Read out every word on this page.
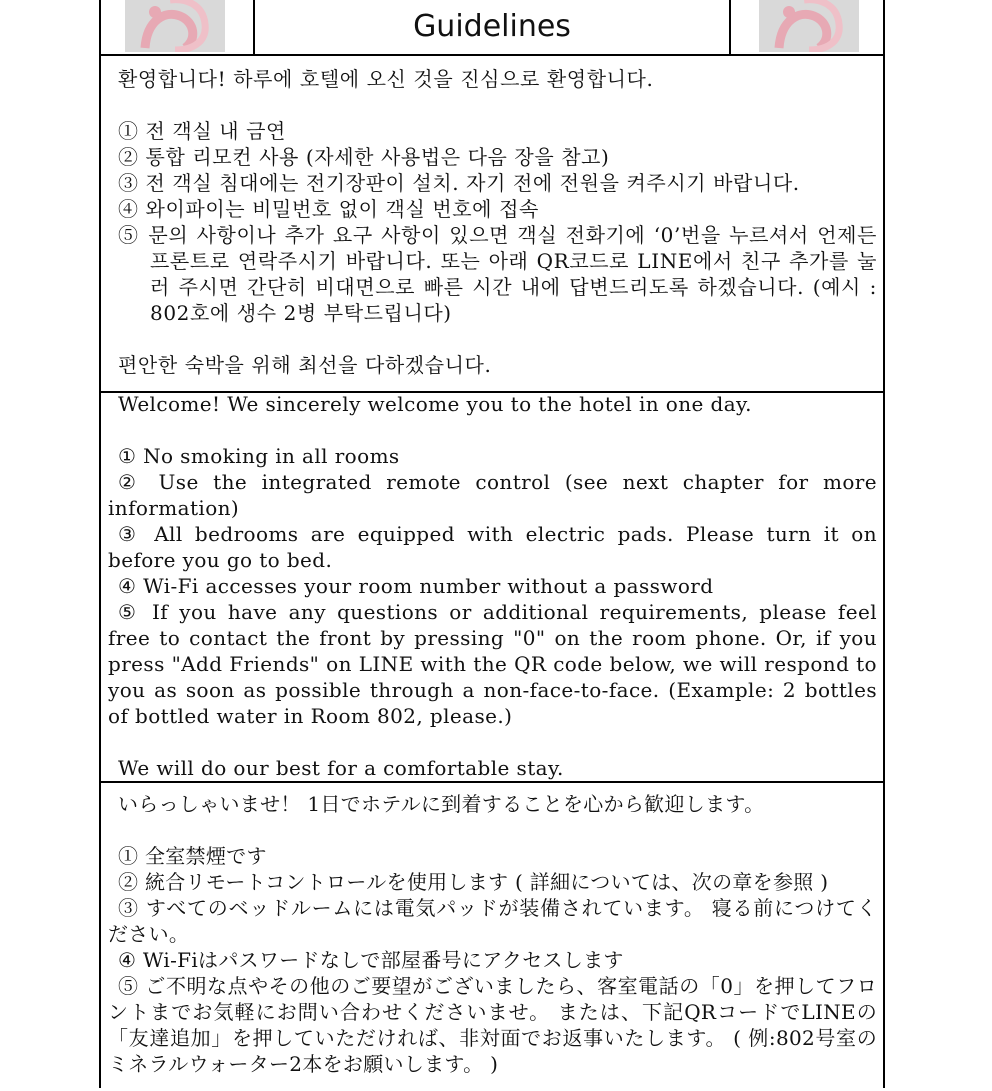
Guidelines
환영합니다! 하루에 호텔에 오신 것을 진심으로 환영합니다.
① 전 객실 내 금연
② 통합 리모컨 사용 (자세한 사용법은 다음 장을 참고)
③ 전 객실 침대에는 전기장판이 설치. 자기 전에 전원을 켜주시기 바랍니다.
④ 와이파이는 비밀번호 없이 객실 번호에 접속
⑤ 문의 사항이나 추가 요구 사항이 있으면 객실 전화기에 ‘0’번을 누르셔서 언제든 프론트로 연락주시기 바랍니다. 또는 아래 QR코드로 LINE에서 친구 추가를 눌러 주시면 간단히 비대면으로 빠른 시간 내에 답변드리도록 하겠습니다. (예시 : 802호에 생수 2병 부탁드립니다)
편안한 숙박을 위해 최선을 다하겠습니다.
Welcome! We sincerely welcome you to the hotel in one day.
① No smoking in all rooms
② Use the integrated remote control (see next chapter for more information)
③ All bedrooms are equipped with electric pads. Please turn it on before you go to bed.
④ Wi-Fi accesses your room number without a password
⑤ If you have any questions or additional requirements, please feel free to contact the front by pressing "0" on the room phone. Or, if you press "Add Friends" on LINE with the QR code below, we will respond to you as soon as possible through a non-face-to-face. (Example: 2 bottles of bottled water in Room 802, please.)
We will do our best for a comfortable stay.
いらっしゃいませ！ 1日でホテルに到着することを心から歓迎します。
① 全室禁煙です
② 統合リモートコントロールを使用します ( 詳細については、次の章を参照 )
③ すべてのベッドルームには電気パッドが装備されています。 寝る前につけてください。
④ Wi-Fiはパスワードなしで部屋番号にアクセスします
⑤ ご不明な点やその他のご要望がございましたら、客室電話の「0」を押してフロントまでお気軽にお問い合わせくださいませ。 または、下記QRコードでLINEの「友達追加」を押していただければ、非対面でお返事いたします。 ( 例:802号室のミネラルウォーター2本をお願いします。 )
